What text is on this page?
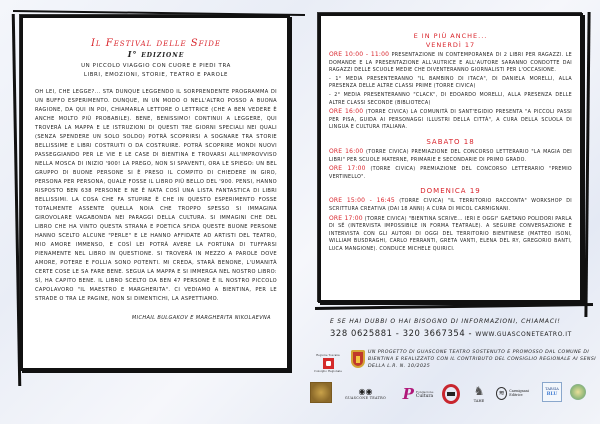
Il Festival delle Sfide
I° edizione
UN PICCOLO VIAGGIO CON CUORE E PIEDI TRA
LIBRI, EMOZIONI, STORIE, TEATRO E PAROLE
OH LEI, CHE LEGGE?... STA DUNQUE LEGGENDO IL SORPRENDENTE PROGRAMMA DI UN BUFFO ESPERIMENTO. DUNQUE, IN UN MODO O NELL'ALTRO POSSO A BUONA RAGIONE, DA QUI IN POI, CHIAMARLA LETTORE O LETTRICE (CHE A BEN VEDERE È ANCHE MOLTO PIÙ PROBABILE). BENE, BENISSIMO! CONTINUI A LEGGERE, QUI TROVERÀ LA MAPPA E LE ISTRUZIONI DI QUESTI TRE GIORNI SPECIALI NEI QUALI (SENZA SPENDERE UN SOLO SOLDO) POTRÀ SCOPRIRSI A SOGNARE TRA STORIE BELLISSIME E LIBRI COSTRUITI O DA COSTRUIRE. POTRÀ SCOPRIRE MONDI NUOVI PASSEGGIANDO PER LE VIE E LE CASE DI BIENTINA E TROVARSI ALL'IMPROVVISO NELLA MOSCA DI INIZIO '900! LA PREGO, NON SI SPAVENTI, ORA LE SPIEGO: UN BEL GRUPPO DI BUONE PERSONE SI È PRESO IL COMPITO DI CHIEDERE IN GIRO, PERSONA PER PERSONA, QUALE FOSSE IL LIBRO PIÙ BELLO DEL '900. PENSI, HANNO RISPOSTO BEN 638 PERSONE E NE È NATA COSÌ UNA LISTA FANTASTICA DI LIBRI BELLISSIMI. LA COSA CHE FA STUPIRE È CHE IN QUESTO ESPERIMENTO FOSSE TOTALMENTE ASSENTE QUELLA NOIA CHE TROPPO SPESSO SI IMMAGINA GIROVOLARE VAGABONDA NEI PARAGGI DELLA CULTURA. SI IMMAGINI CHE DEL LIBRO CHE HA VINTO QUESTA STRANA E POETICA SFIDA QUESTE BUONE PERSONE HANNO SCELTO ALCUNE "PERLE" E LE HANNO AFFIDATE AD ARTISTI DEL TEATRO, MIO AMORE IMMENSO, E COSÌ LEI POTRÀ AVERE LA FORTUNA DI TUFFARSI PIENAMENTE NEL LIBRO IN QUESTIONE. SI TROVERÀ IN MEZZO A PAROLE DOVE AMORE, POTERE E FOLLIA SONO POTENTI. MI CREDA, STARÀ BENONE, L'UMANITÀ CERTE COSE LE SA FARE BENE. SEGUA LA MAPPA E SI IMMERGA NEL NOSTRO LIBRO: SÌ, HA CAPITO BENE. IL LIBRO SCELTO DA BEN 47 PERSONE È IL NOSTRO PICCOLO CAPOLAVORO "IL MAESTRO E MARGHERITA". CI VEDIAMO A BIENTINA, PER LE STRADE O TRA LE PAGINE, NON SI DIMENTICHI, LA ASPETTIAMO.
MICHAIL BULGAKOV E MARGHERITA NIKOLAEVNA
E IN PIÙ ANCHE...
VENERDÌ 17
ORE 10:00 - 11:00 PRESENTAZIONE IN CONTEMPORANEA DI 2 LIBRI PER RAGAZZI. LE DOMANDE E LA PRESENTAZIONE ALL'AUTRICE E ALL'AUTORE SARANNO CONDOTTE DAI RAGAZZI DELLE SCUOLE MEDIE CHE DIVENTERANNO GIORNALISTI PER L'OCCASIONE.
- 1° MEDIA PRESENTERANNO "IL BAMBINO DI ITACA", DI DANIELA MORELLI, ALLA PRESENZA DELLE ALTRE CLASSI PRIME (TORRE CIVICA)
- 2° MEDIA PRESENTERANNO "CLACK", DI EDOARDO MORELLI, ALLA PRESENZA DELLE ALTRE CLASSI SECONDE (BIBLIOTECA)
ORE 16:00 (TORRE CIVICA) LA COMUNITÀ DI SANT'EGIDIO PRESENTA "A PICCOLI PASSI PER PISA, GUIDA AI PERSONAGGI ILLUSTRI DELLA CITTÀ", A CURA DELLA SCUOLA DI LINGUA E CULTURA ITALIANA.
SABATO 18
ORE 16:00 (TORRE CIVICA) PREMIAZIONE DEL CONCORSO LETTERARIO "LA MAGIA DEI LIBRI" PER SCUOLE MATERNE, PRIMARIE E SECONDARIE DI PRIMO GRADO.
ORE 17:00 (TORRE CIVICA) PREMIAZIONE DEL CONCORSO LETTERARIO "PREMIO VERTINELLO".
DOMENICA 19
ORE 15:00 - 16:45 (TORRE CIVICA) "IL TERRITORIO RACCONTA" WORKSHOP DI SCRITTURA CREATIVA (DAI 18 ANNI) A CURA DI MICOL CARMIGNANI.
ORE 17:00 (TORRE CIVICA) "BIENTINA SCRIVE... IERI E OGGI" GAETANO POLIDORI PARLA DI SÉ (INTERVISTA IMPOSSIBILE IN FORMA TEATRALE). A SEGUIRE CONVERSAZIONE E INTERVISTA CON GLI AUTORI DI OGGI DEL TERRITORIO BIENTINESE (MATTEO ISONI, WILLIAM BUSDRAGHI, CARLO FERRANTI, GRETA VANTI, ELENA DEL RY, GREGORIO BANTI, LUCA MANGIONE). CONDUCE MICHELE QUIRICI.
E SE HAI DUBBI O HAI BISOGNO DI INFORMAZIONI, CHIAMACI!
328 0625881 - 320 3667354 - WWW.GUASCONETEATRO.IT
UN PROGETTO DI GUASCONE TEATRO SOSTENUTO E PROMOSSO DAL COMUNE DI BIENTINA E REALIZZATO CON IL CONTRIBUTO DEL CONSIGLIO REGIONALE AI SENSI DELLA L.R. N. 10/2025
Regione Toscana
Consiglio Regionale
◉◉
GUASCONE TEATRO P Fondazione
Cultura	♞
TAHE
≋	Carmignani Editrice
TARSIA
BLU
